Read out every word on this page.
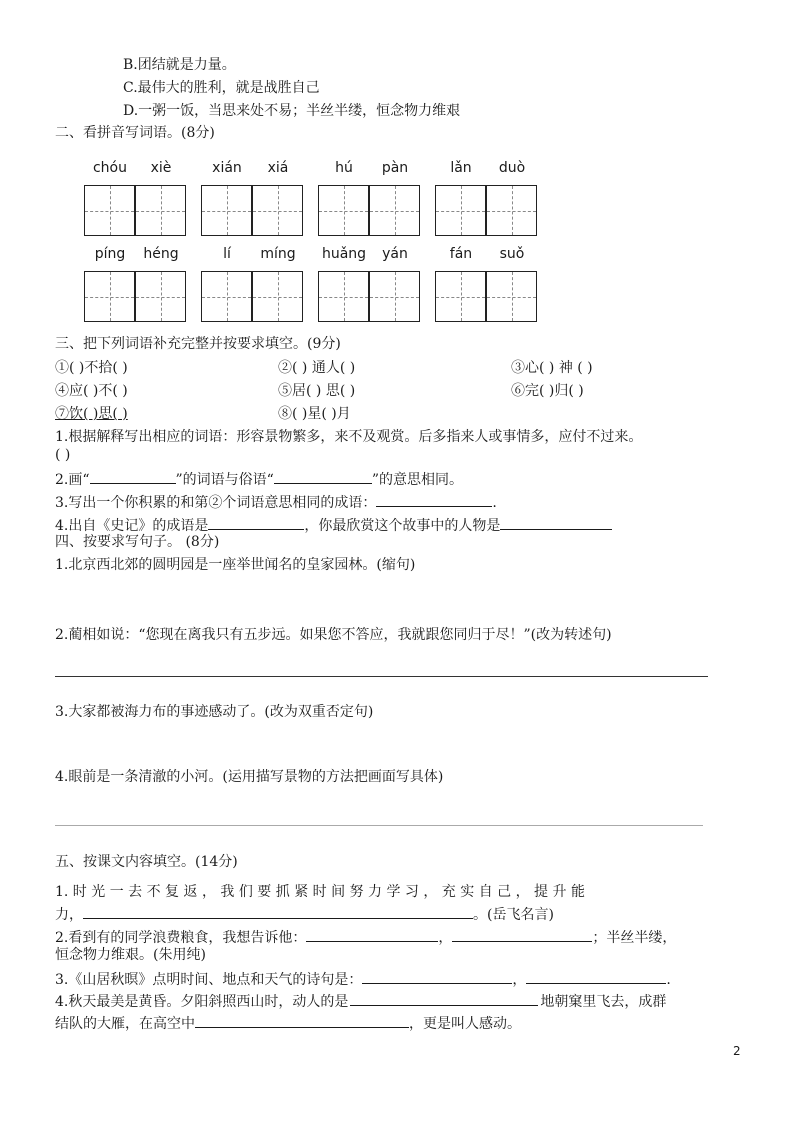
B.团结就是力量。
C.最伟大的胜利，就是战胜自己
D.一粥一饭，当思来处不易；半丝半缕，恒念物力维艰
二、看拼音写词语。(8分)
chóu	xiè	xián	xiá	hú	pàn	lǎn	duò
píng	héng	lí	míng	huǎng	yán	fán	suǒ
三、把下列词语补充完整并按要求填空。(9分)
①( )不拾( )	②( ) 通人( )	③心( ) 神 ( )
④应( )不( )	⑤居( ) 思( )	⑥完( )归( )
⑦饮( )思( )	⑧( )星( )月
1.根据解释写出相应的词语：形容景物繁多，来不及观赏。后多指来人或事情多，应付不过来。
( )
2.画“	”的词语与俗语“	”的意思相同。
3.写出一个你积累的和第②个词语意思相同的成语：	.
4.出自《史记》的成语是	，你最欣赏这个故事中的人物是
四、按要求写句子。 (8分)
1.北京西北郊的圆明园是一座举世闻名的皇家园林。(缩句)
2.蔺相如说：“您现在离我只有五步远。如果您不答应，我就跟您同归于尽！”(改为转述句)
3.大家都被海力布的事迹感动了。(改为双重否定句)
4.眼前是一条清澈的小河。(运用描写景物的方法把画面写具体)
五、按课文内容填空。(14分)
1. 时 光 一 去 不 复 返 ， 我 们 要 抓 紧 时 间 努 力 学 习 ， 充 实 自 己 ， 提 升 能
力，	。(岳飞名言)
2.看到有的同学浪费粮食，我想告诉他：	，	；半丝半缕，
恒念物力维艰。(朱用纯)
3.《山居秋暝》点明时间、地点和天气的诗句是：	，	.
4.秋天最美是黄昏。夕阳斜照西山时，动人的是	地朝窠里飞去，成群
结队的大雁，在高空中	，更是叫人感动。
2
